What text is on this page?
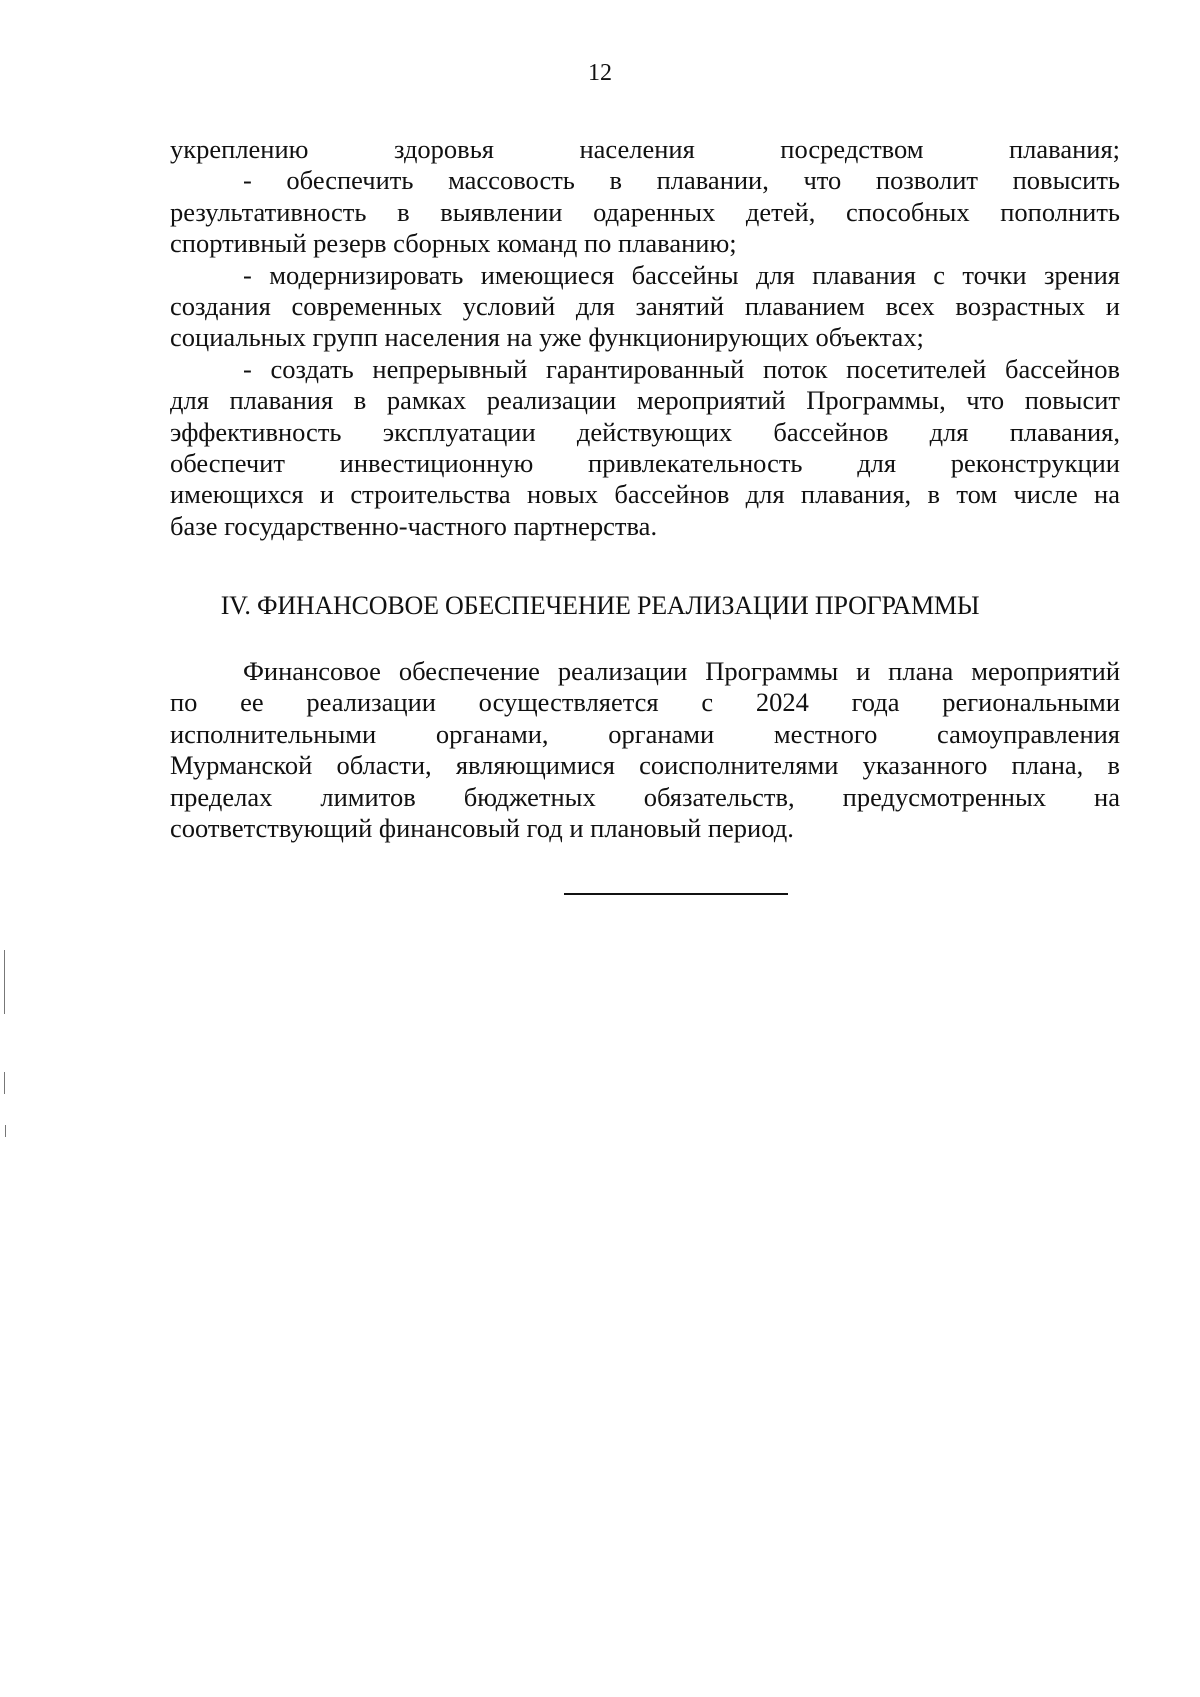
12
укреплению здоровья населения посредством плавания;
- обеспечить массовость в плавании, что позволит повысить
результативность в выявлении одаренных детей, способных пополнить
спортивный резерв сборных команд по плаванию;
- модернизировать имеющиеся бассейны для плавания с точки зрения
создания современных условий для занятий плаванием всех возрастных и
социальных групп населения на уже функционирующих объектах;
- создать непрерывный гарантированный поток посетителей бассейнов
для плавания в рамках реализации мероприятий Программы, что повысит
эффективность эксплуатации действующих бассейнов для плавания,
обеспечит инвестиционную привлекательность для реконструкции
имеющихся и строительства новых бассейнов для плавания, в том числе на
базе государственно-частного партнерства.
IV. ФИНАНСОВОЕ ОБЕСПЕЧЕНИЕ РЕАЛИЗАЦИИ ПРОГРАММЫ
Финансовое обеспечение реализации Программы и плана мероприятий
по ее реализации осуществляется с 2024 года региональными
исполнительными органами, органами местного самоуправления
Мурманской области, являющимися соисполнителями указанного плана, в
пределах лимитов бюджетных обязательств, предусмотренных на
соответствующий финансовый год и плановый период.
